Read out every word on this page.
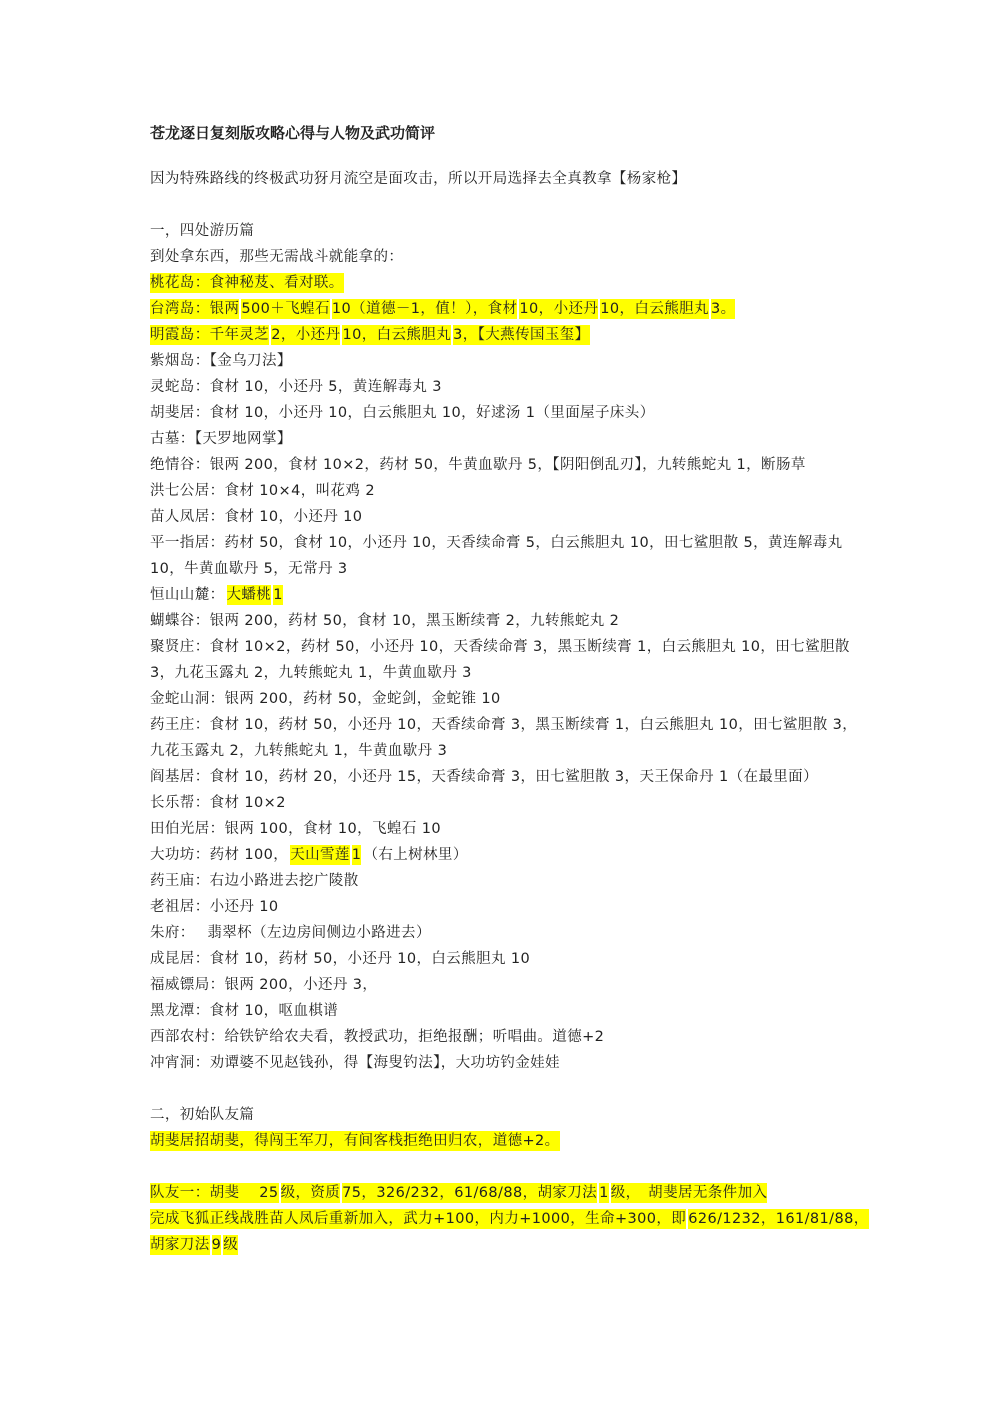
苍龙逐日复刻版攻略心得与人物及武功简评
因为特殊路线的终极武功犽月流空是面攻击，所以开局选择去全真教拿【杨家枪】
一，四处游历篇
到处拿东西，那些无需战斗就能拿的：
桃花岛：食神秘芨、看对联。
台湾岛：银两 500＋飞蝗石 10（道德－1，值！），食材 10，小还丹 10，白云熊胆丸 3。
明霞岛：千年灵芝 2，小还丹 10，白云熊胆丸 3，【大燕传国玉玺】
紫烟岛：【金乌刀法】
灵蛇岛：食材 10，小还丹 5，黄连解毒丸 3
胡斐居：食材 10，小还丹 10，白云熊胆丸 10，好逑汤 1（里面屋子床头）
古墓：【天罗地网掌】
绝情谷：银两 200，食材 10×2，药材 50，牛黄血歇丹 5，【阴阳倒乱刃】，九转熊蛇丸 1，断肠草
洪七公居：食材 10×4，叫花鸡 2
苗人凤居：食材 10，小还丹 10
平一指居：药材 50，食材 10，小还丹 10，天香续命膏 5，白云熊胆丸 10，田七鲨胆散 5，黄连解毒丸
10，牛黄血歇丹 5，无常丹 3
恒山山麓： 大蟠桃 1
蝴蝶谷：银两 200，药材 50，食材 10，黑玉断续膏 2，九转熊蛇丸 2
聚贤庄：食材 10×2，药材 50，小还丹 10，天香续命膏 3，黑玉断续膏 1，白云熊胆丸 10，田七鲨胆散
3，九花玉露丸 2，九转熊蛇丸 1，牛黄血歇丹 3
金蛇山洞：银两 200，药材 50，金蛇剑，金蛇锥 10
药王庄：食材 10，药材 50，小还丹 10，天香续命膏 3，黑玉断续膏 1，白云熊胆丸 10，田七鲨胆散 3，
九花玉露丸 2，九转熊蛇丸 1，牛黄血歇丹 3
阎基居：食材 10，药材 20，小还丹 15，天香续命膏 3，田七鲨胆散 3，天王保命丹 1（在最里面）
长乐帮：食材 10×2
田伯光居：银两 100，食材 10，飞蝗石 10
大功坊：药材 100， 天山雪莲 1 （右上树林里）
药王庙：右边小路进去挖广陵散
老祖居：小还丹 10
朱府：　 翡翠杯（左边房间侧边小路进去）
成昆居：食材 10，药材 50，小还丹 10，白云熊胆丸 10
福威镖局：银两 200，小还丹 3，
黑龙潭：食材 10，呕血棋谱
西部农村：给铁铲给农夫看，教授武功，拒绝报酬；听唱曲。道德+2
冲宵洞：劝谭婆不见赵钱孙，得【海叟钓法】，大功坊钓金娃娃
二，初始队友篇
胡斐居招胡斐，得闯王军刀，有间客栈拒绝田归农，道德+2。
队友一：胡斐　 25 级，资质 75，326/232，61/68/88，胡家刀法 1 级，　胡斐居无条件加入
完成飞狐正线战胜苗人凤后重新加入，武力+100，内力+1000，生命+300，即 626/1232，161/81/88，
胡家刀法 9 级
